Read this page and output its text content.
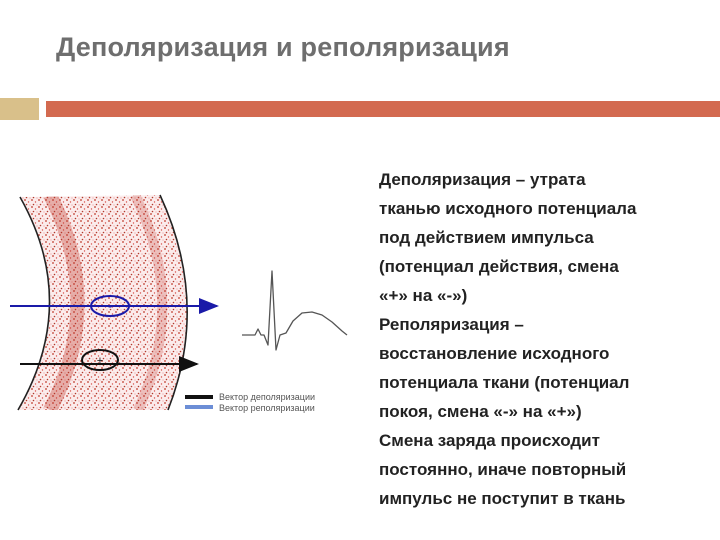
Деполяризация и реполяризация
-
+
Вектор деполяризации
Вектор реполяризации

Деполяризация – утрата
тканью исходного потенциала
под действием импульса
(потенциал действия, смена
«+» на «-»)

Реполяризация –
восстановление исходного
потенциала ткани (потенциал
покоя, смена «-» на «+»)

Смена заряда происходит
постоянно, иначе повторный
импульс не поступит в ткань
